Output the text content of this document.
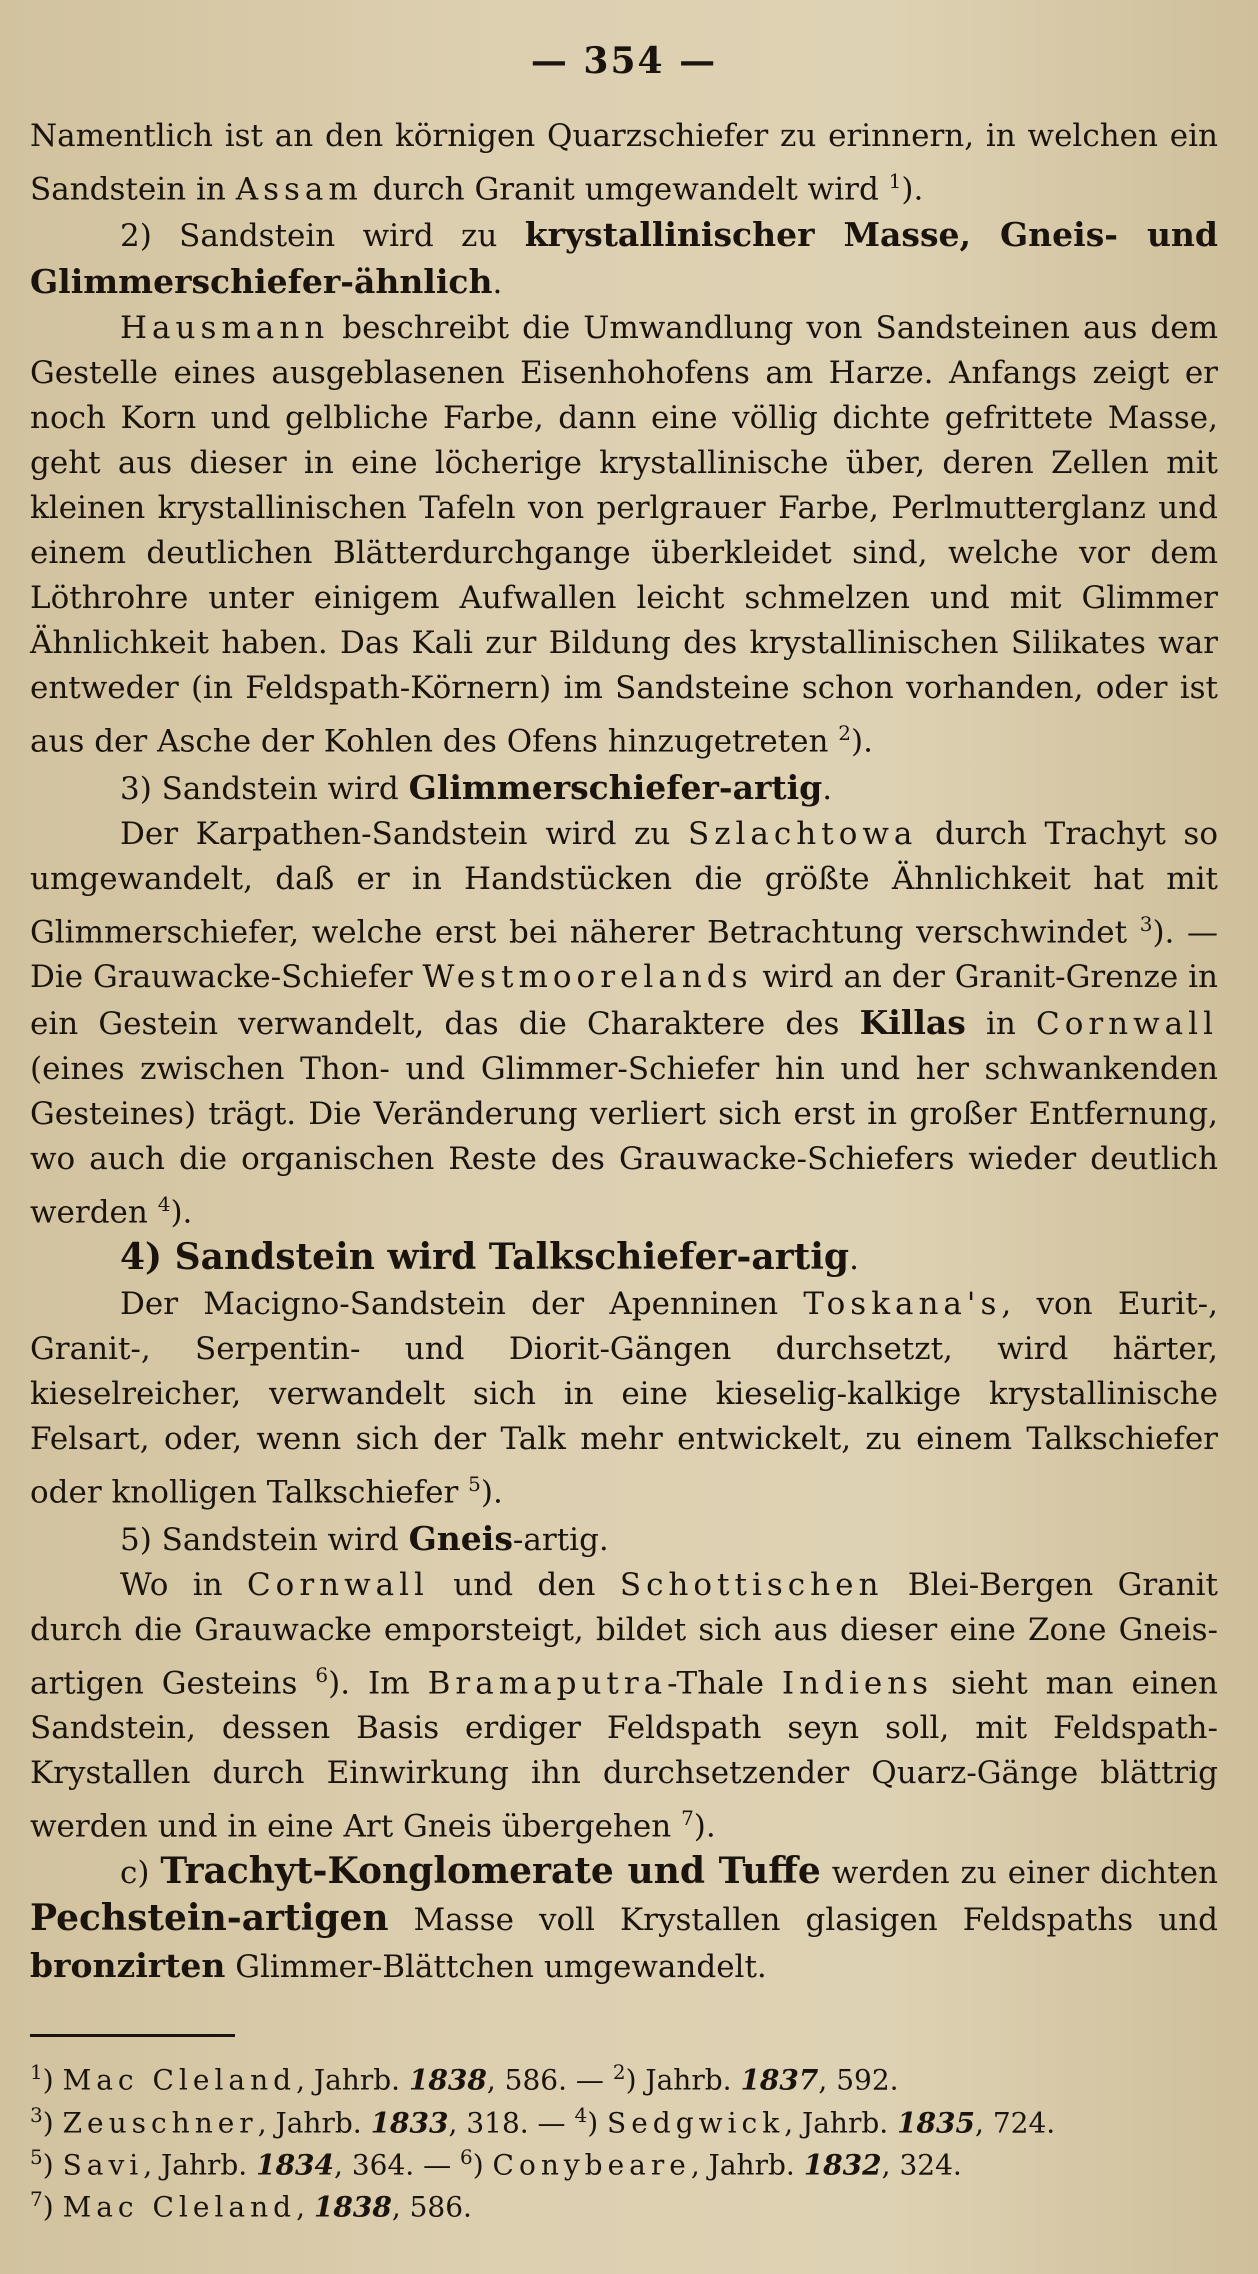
— 354 —

Namentlich ist an den körnigen Quarzschiefer zu erinnern, in welchen ein Sandstein in Assam durch Granit umgewandelt wird $^1$).

2) Sandstein wird zu krystallinischer Masse, Gneis- und Glimmerschiefer-ähnlich.

Hausmann beschreibt die Umwandlung von Sandsteinen aus dem Gestelle eines ausgeblasenen Eisenhohofens am Harze. Anfangs zeigt er noch Korn und gelbliche Farbe, dann eine völlig dichte gefrittete Masse, geht aus dieser in eine löcherige krystallinische über, deren Zellen mit kleinen krystallinischen Tafeln von perlgrauer Farbe, Perlmutterglanz und einem deutlichen Blätterdurchgange überkleidet sind, welche vor dem Löthrohre unter einigem Aufwallen leicht schmelzen und mit Glimmer Ähnlichkeit haben. Das Kali zur Bildung des krystallinischen Silikates war entweder (in Feldspath-Körnern) im Sandsteine schon vorhanden, oder ist aus der Asche der Kohlen des Ofens hinzugetreten $^2$).

3) Sandstein wird Glimmerschiefer-artig.

Der Karpathen-Sandstein wird zu Szlachtowa durch Trachyt so umgewandelt, daß er in Handstücken die größte Ähnlichkeit hat mit Glimmerschiefer, welche erst bei näherer Betrachtung verschwindet $^3$). — Die Grauwacke-Schiefer Westmoorelands wird an der Granit-Grenze in ein Gestein verwandelt, das die Charaktere des Killas in Cornwall (eines zwischen Thon- und Glimmer-Schiefer hin und her schwankenden Gesteines) trägt. Die Veränderung verliert sich erst in großer Entfernung, wo auch die organischen Reste des Grauwacke-Schiefers wieder deutlich werden $^4$).

4) Sandstein wird Talkschiefer-artig.

Der Macigno-Sandstein der Apenninen Toskana's, von Eurit-, Granit-, Serpentin- und Diorit-Gängen durchsetzt, wird härter, kieselreicher, verwandelt sich in eine kieselig-kalkige krystallinische Felsart, oder, wenn sich der Talk mehr entwickelt, zu einem Talkschiefer oder knolligen Talkschiefer $^5$).

5) Sandstein wird Gneis-artig.

Wo in Cornwall und den Schottischen Blei-Bergen Granit durch die Grauwacke emporsteigt, bildet sich aus dieser eine Zone Gneis-artigen Gesteins $^6$). Im Bramaputra-Thale Indiens sieht man einen Sandstein, dessen Basis erdiger Feldspath seyn soll, mit Feldspath-Krystallen durch Einwirkung ihn durchsetzender Quarz-Gänge blättrig werden und in eine Art Gneis übergehen $^7$).

c) Trachyt-Konglomerate und Tuffe werden zu einer dichten Pechstein-artigen Masse voll Krystallen glasigen Feldspaths und bronzirten Glimmer-Blättchen umgewandelt.

$^1$) Mac Cleland, Jahrb. 1838, 586. — $^2$) Jahrb. 1837, 592.

$^3$) Zeuschner, Jahrb. 1833, 318. — $^4$) Sedgwick, Jahrb. 1835, 724.

$^5$) Savi, Jahrb. 1834, 364. — $^6$) Conybeare, Jahrb. 1832, 324.

$^7$) Mac Cleland, 1838, 586.
